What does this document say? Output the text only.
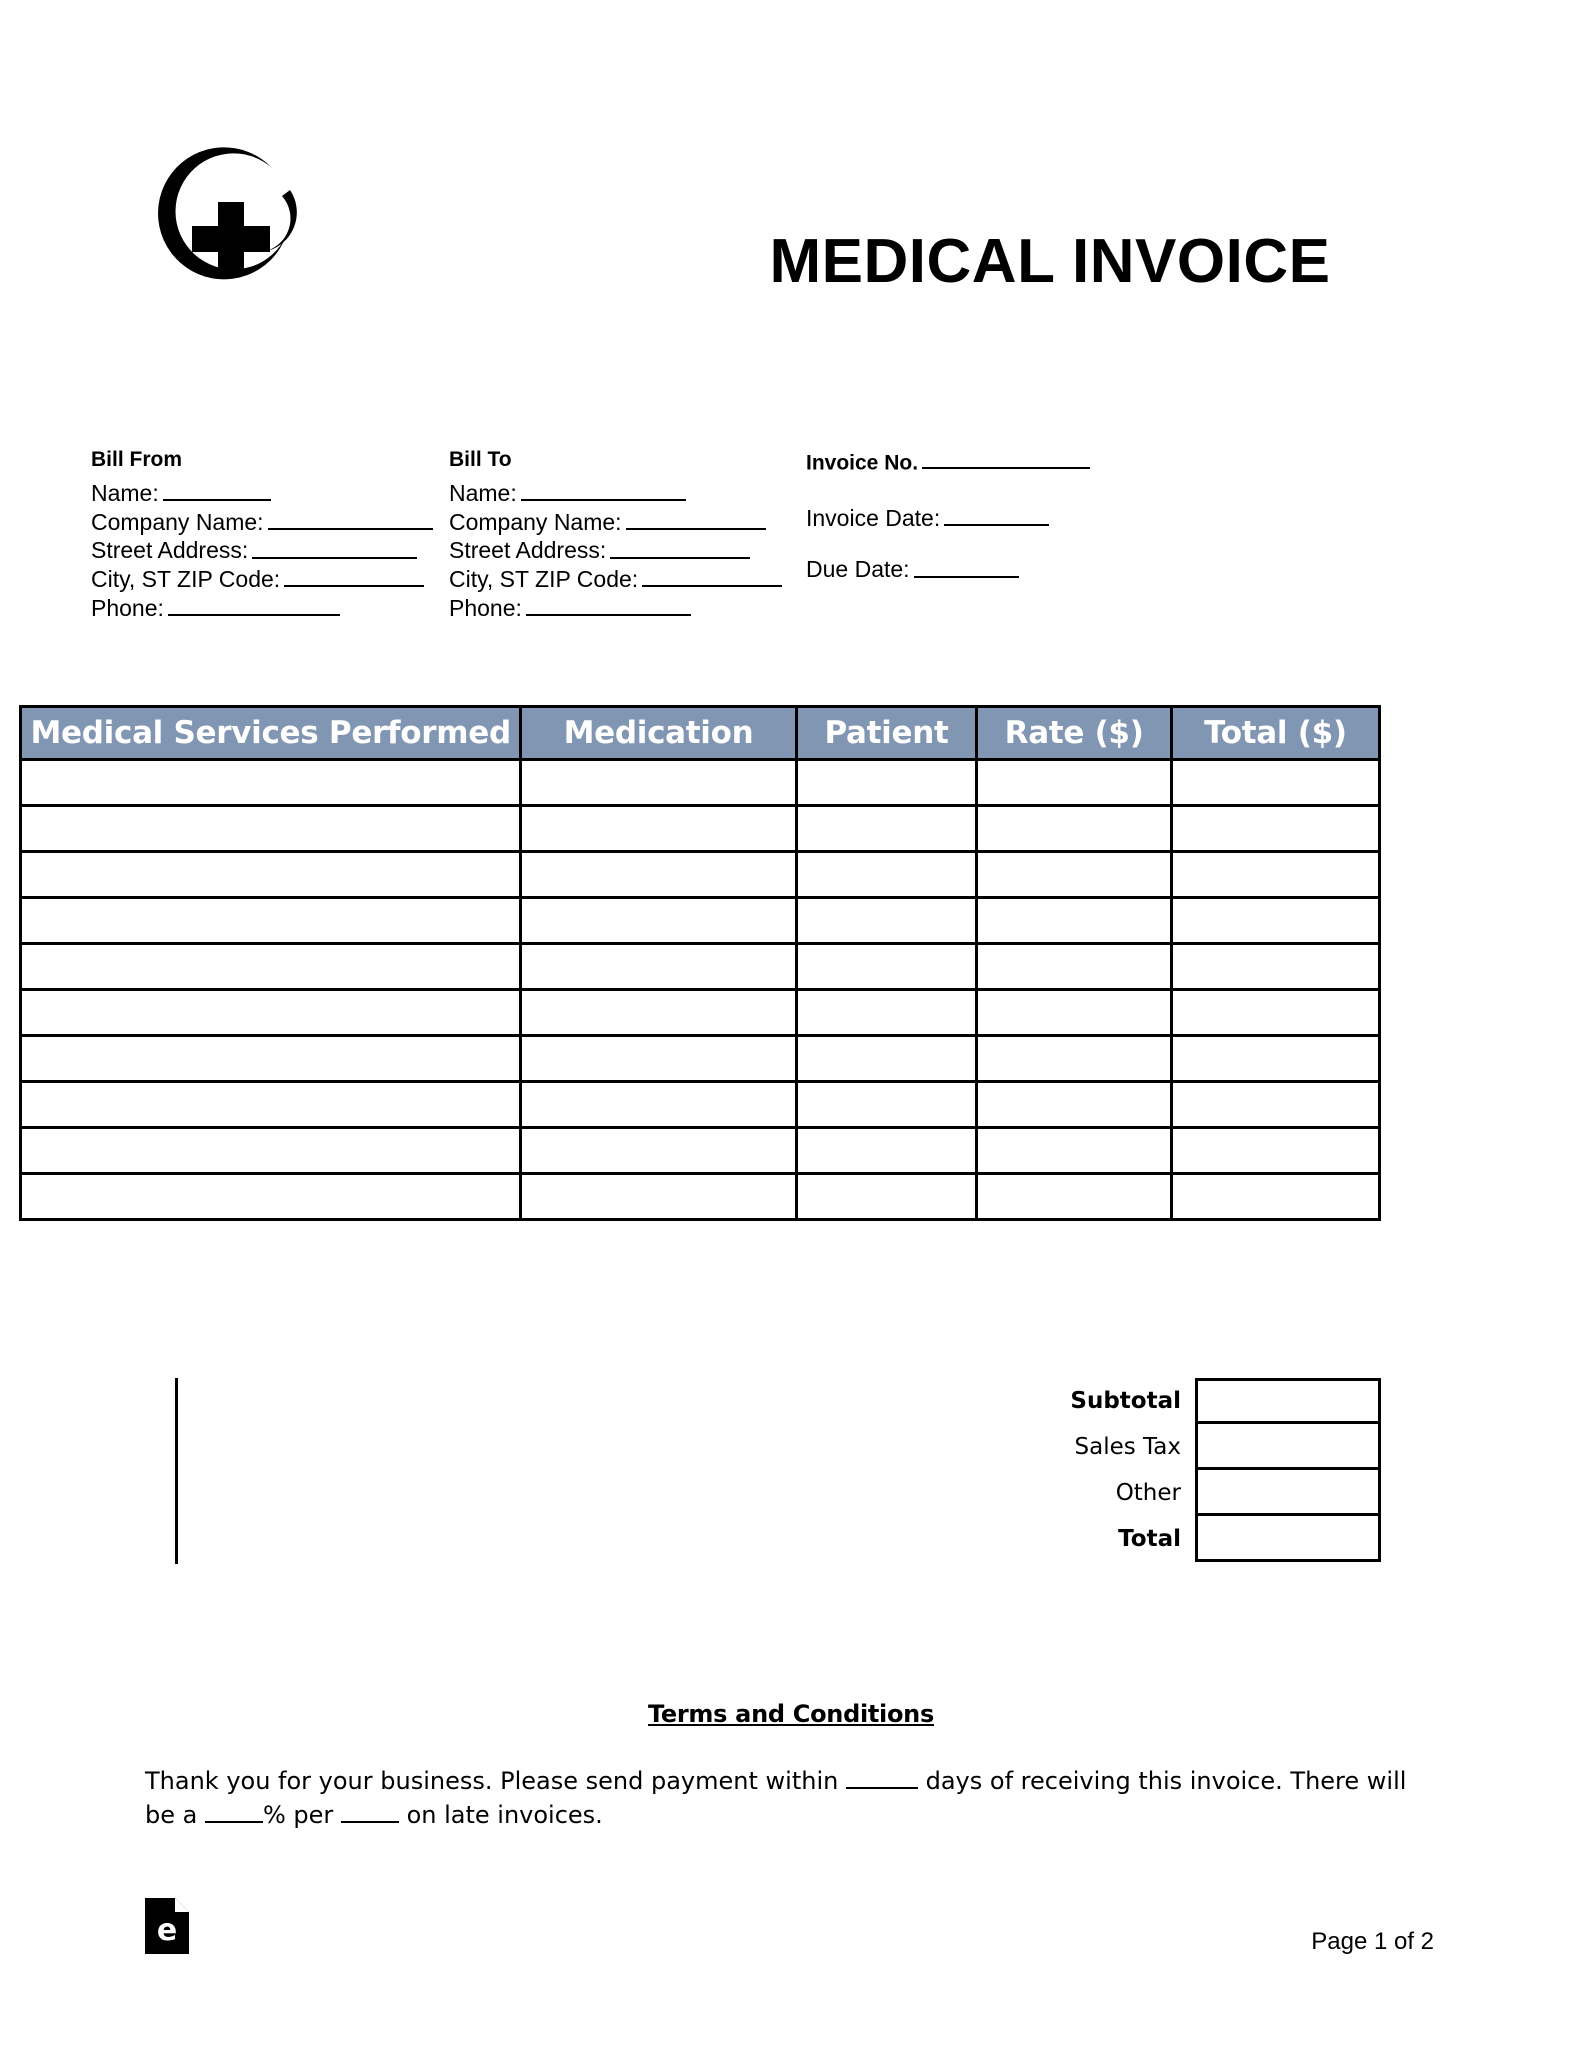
MEDICAL INVOICE
Bill From
Name:
Company Name:
Street Address:
City, ST ZIP Code:
Phone:
Bill To
Name:
Company Name:
Street Address:
City, ST ZIP Code:
Phone:
Invoice No.
Invoice Date:
Due Date:
Medical Services Performed	Medication	Patient	Rate ($)	Total ($)

Subtotal
Sales Tax
Other
Total
Terms and Conditions
Thank you for your business. Please send payment within	days of receiving this invoice. There will be a	% per	on late invoices.
e	Page 1 of 2
